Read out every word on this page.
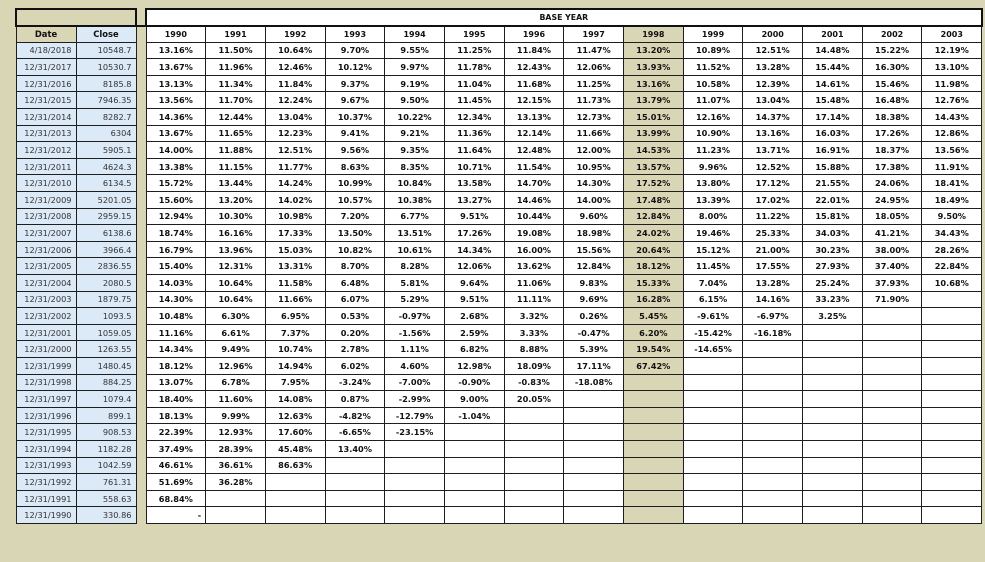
			BASE YEAR													
Date	Close		1990	1991	1992	1993	1994	1995	1996	1997	1998	1999	2000	2001	2002	2003
4/18/2018	10548.7		13.16%	11.50%	10.64%	9.70%	9.55%	11.25%	11.84%	11.47%	13.20%	10.89%	12.51%	14.48%	15.22%	12.19%
12/31/2017	10530.7		13.67%	11.96%	12.46%	10.12%	9.97%	11.78%	12.43%	12.06%	13.93%	11.52%	13.28%	15.44%	16.30%	13.10%
12/31/2016	8185.8		13.13%	11.34%	11.84%	9.37%	9.19%	11.04%	11.68%	11.25%	13.16%	10.58%	12.39%	14.61%	15.46%	11.98%
12/31/2015	7946.35		13.56%	11.70%	12.24%	9.67%	9.50%	11.45%	12.15%	11.73%	13.79%	11.07%	13.04%	15.48%	16.48%	12.76%
12/31/2014	8282.7		14.36%	12.44%	13.04%	10.37%	10.22%	12.34%	13.13%	12.73%	15.01%	12.16%	14.37%	17.14%	18.38%	14.43%
12/31/2013	6304		13.67%	11.65%	12.23%	9.41%	9.21%	11.36%	12.14%	11.66%	13.99%	10.90%	13.16%	16.03%	17.26%	12.86%
12/31/2012	5905.1		14.00%	11.88%	12.51%	9.56%	9.35%	11.64%	12.48%	12.00%	14.53%	11.23%	13.71%	16.91%	18.37%	13.56%
12/31/2011	4624.3		13.38%	11.15%	11.77%	8.63%	8.35%	10.71%	11.54%	10.95%	13.57%	9.96%	12.52%	15.88%	17.38%	11.91%
12/31/2010	6134.5		15.72%	13.44%	14.24%	10.99%	10.84%	13.58%	14.70%	14.30%	17.52%	13.80%	17.12%	21.55%	24.06%	18.41%
12/31/2009	5201.05		15.60%	13.20%	14.02%	10.57%	10.38%	13.27%	14.46%	14.00%	17.48%	13.39%	17.02%	22.01%	24.95%	18.49%
12/31/2008	2959.15		12.94%	10.30%	10.98%	7.20%	6.77%	9.51%	10.44%	9.60%	12.84%	8.00%	11.22%	15.81%	18.05%	9.50%
12/31/2007	6138.6		18.74%	16.16%	17.33%	13.50%	13.51%	17.26%	19.08%	18.98%	24.02%	19.46%	25.33%	34.03%	41.21%	34.43%
12/31/2006	3966.4		16.79%	13.96%	15.03%	10.82%	10.61%	14.34%	16.00%	15.56%	20.64%	15.12%	21.00%	30.23%	38.00%	28.26%
12/31/2005	2836.55		15.40%	12.31%	13.31%	8.70%	8.28%	12.06%	13.62%	12.84%	18.12%	11.45%	17.55%	27.93%	37.40%	22.84%
12/31/2004	2080.5		14.03%	10.64%	11.58%	6.48%	5.81%	9.64%	11.06%	9.83%	15.33%	7.04%	13.28%	25.24%	37.93%	10.68%
12/31/2003	1879.75		14.30%	10.64%	11.66%	6.07%	5.29%	9.51%	11.11%	9.69%	16.28%	6.15%	14.16%	33.23%	71.90%	
12/31/2002	1093.5		10.48%	6.30%	6.95%	0.53%	-0.97%	2.68%	3.32%	0.26%	5.45%	-9.61%	-6.97%	3.25%		
12/31/2001	1059.05		11.16%	6.61%	7.37%	0.20%	-1.56%	2.59%	3.33%	-0.47%	6.20%	-15.42%	-16.18%			
12/31/2000	1263.55		14.34%	9.49%	10.74%	2.78%	1.11%	6.82%	8.88%	5.39%	19.54%	-14.65%				
12/31/1999	1480.45		18.12%	12.96%	14.94%	6.02%	4.60%	12.98%	18.09%	17.11%	67.42%					
12/31/1998	884.25		13.07%	6.78%	7.95%	-3.24%	-7.00%	-0.90%	-0.83%	-18.08%						
12/31/1997	1079.4		18.40%	11.60%	14.08%	0.87%	-2.99%	9.00%	20.05%							
12/31/1996	899.1		18.13%	9.99%	12.63%	-4.82%	-12.79%	-1.04%								
12/31/1995	908.53		22.39%	12.93%	17.60%	-6.65%	-23.15%									
12/31/1994	1182.28		37.49%	28.39%	45.48%	13.40%										
12/31/1993	1042.59		46.61%	36.61%	86.63%											
12/31/1992	761.31		51.69%	36.28%												
12/31/1991	558.63		68.84%													
12/31/1990	330.86		-													
